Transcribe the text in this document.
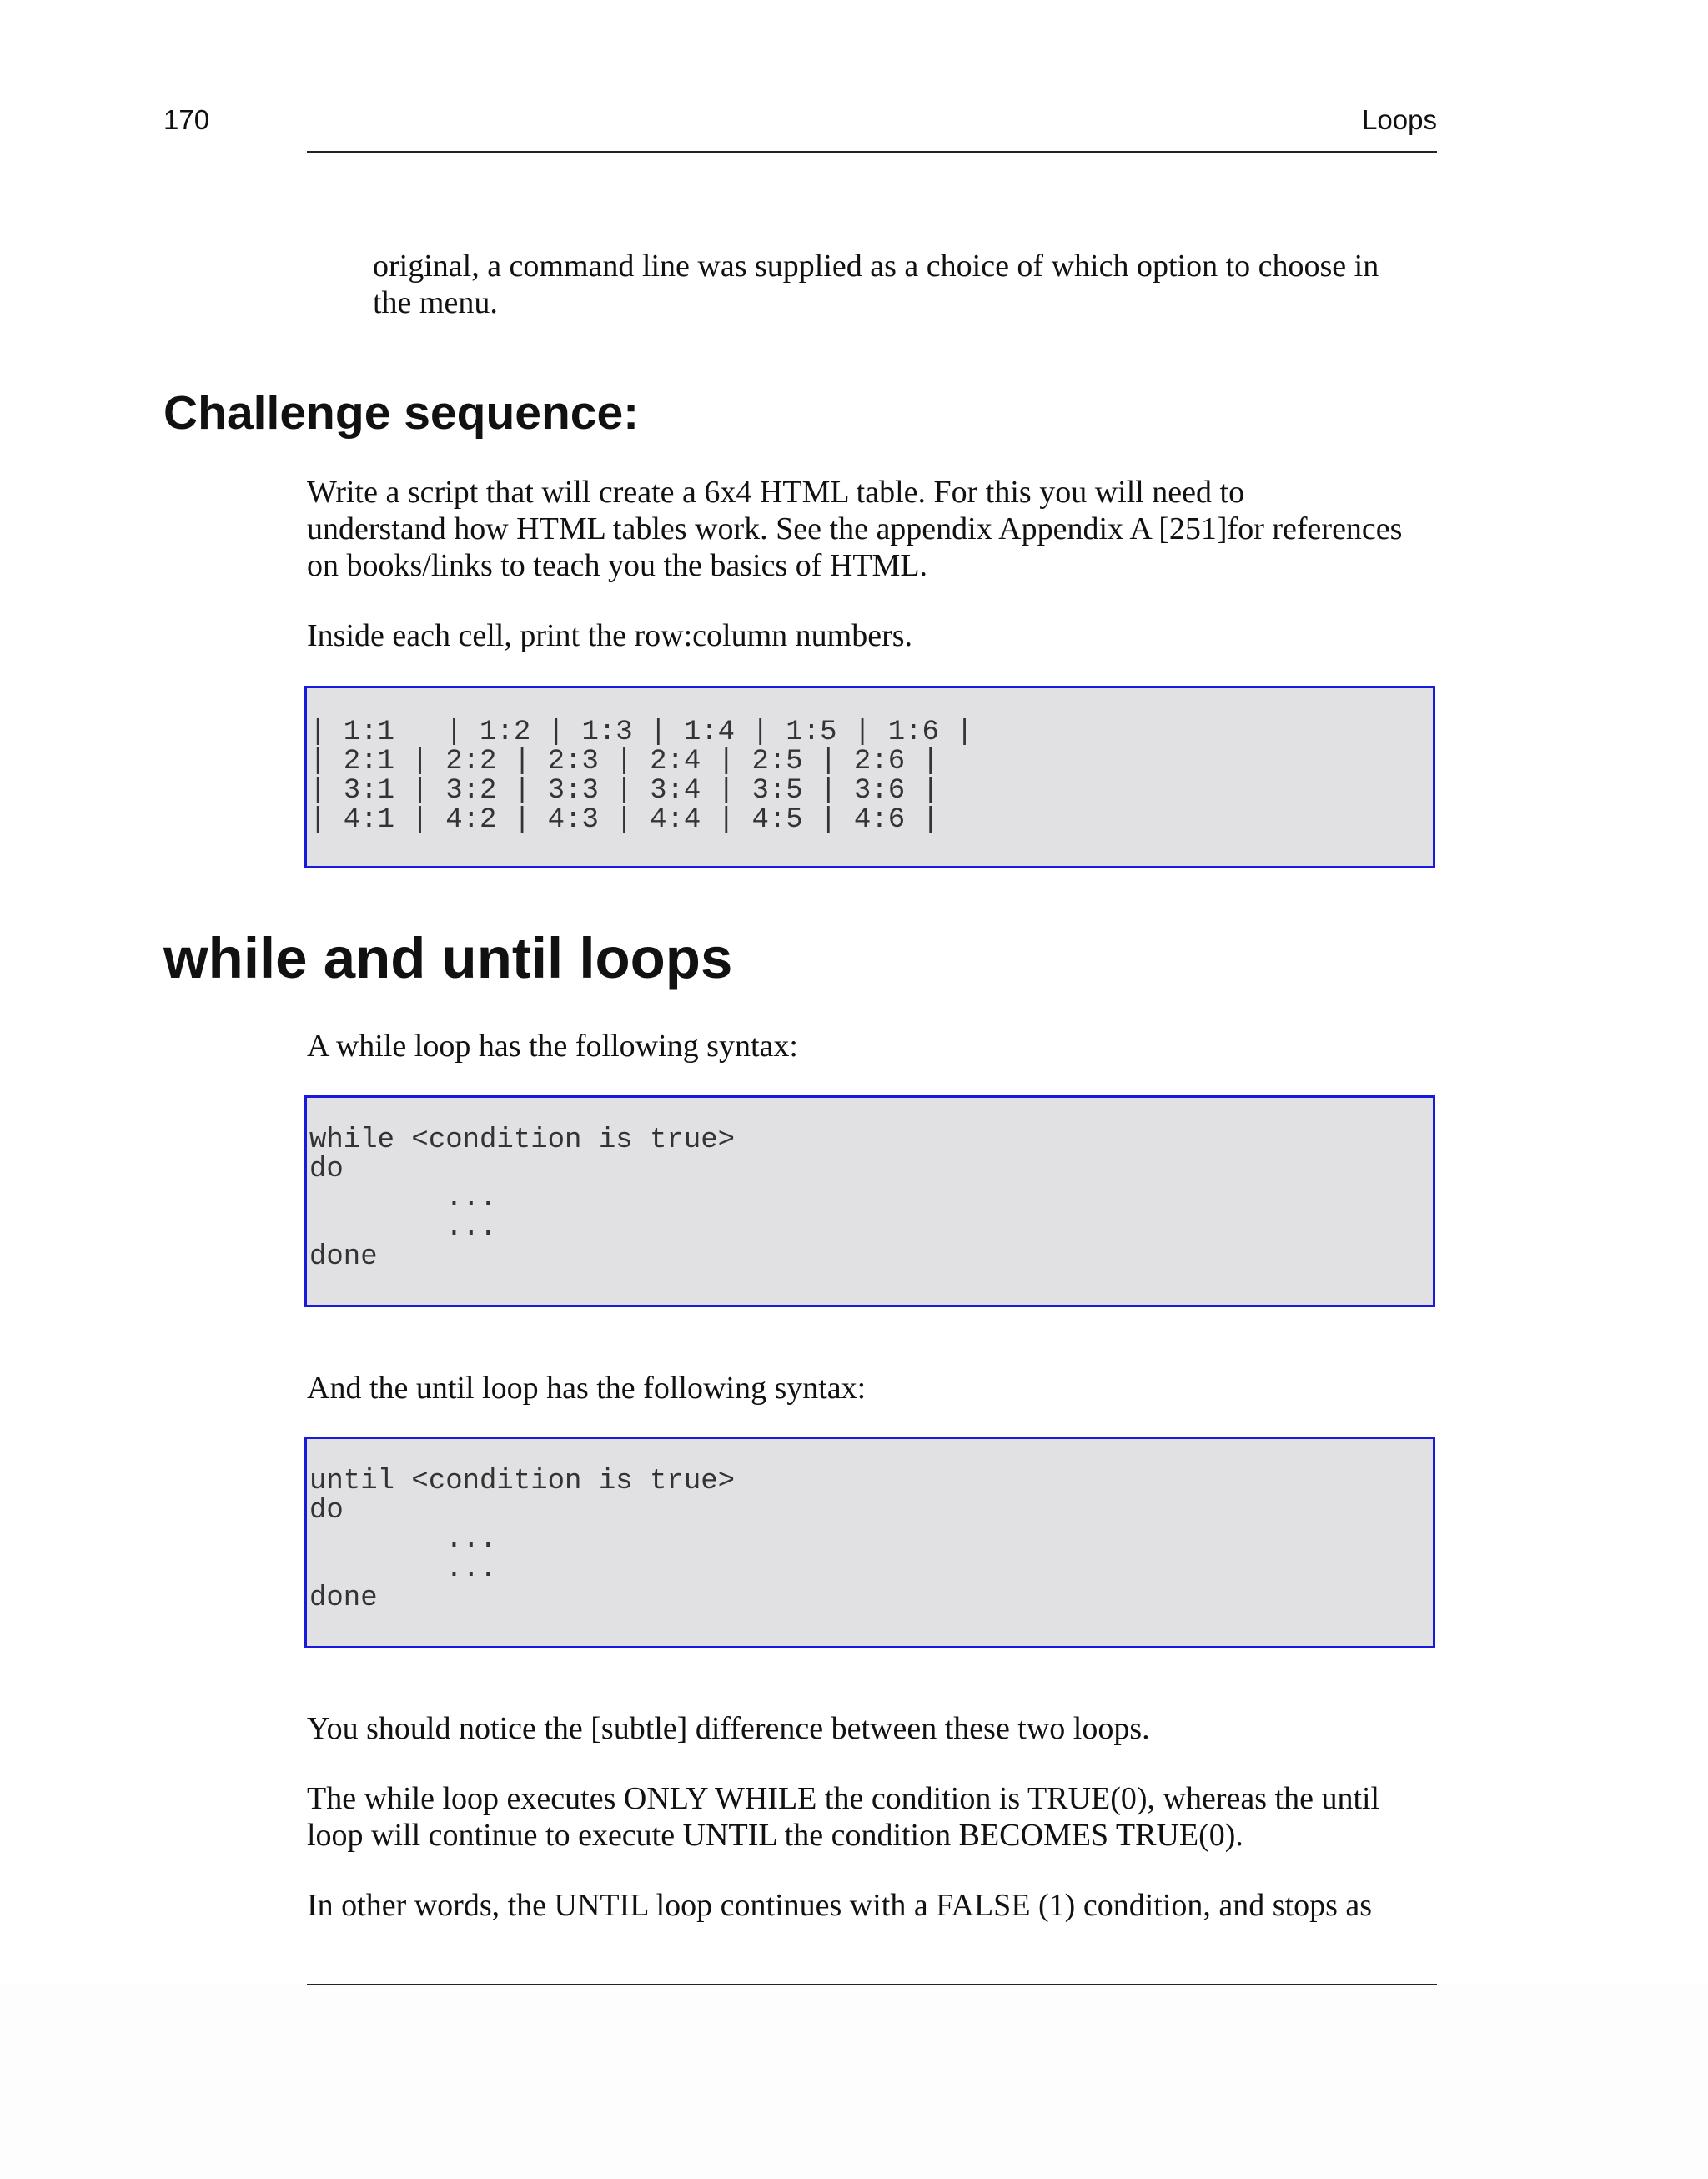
170	Loops

original, a command line was supplied as a choice of which option to choose in

the menu.

Challenge sequence:

Write a script that will create a 6x4 HTML table. For this you will need to

understand how HTML tables work. See the appendix Appendix A [251]for references

on books/links to teach you the basics of HTML.

Inside each cell, print the row:column numbers.

| 1:1   | 1:2 | 1:3 | 1:4 | 1:5 | 1:6 |
| 2:1 | 2:2 | 2:3 | 2:4 | 2:5 | 2:6 |
| 3:1 | 3:2 | 3:3 | 3:4 | 3:5 | 3:6 |
| 4:1 | 4:2 | 4:3 | 4:4 | 4:5 | 4:6 |
while and until loops

A while loop has the following syntax:

while <condition is true>
do
...
...
done

And the until loop has the following syntax:

until <condition is true>
do
...
...
done

You should notice the [subtle] difference between these two loops.

The while loop executes ONLY WHILE the condition is TRUE(0), whereas the until

loop will continue to execute UNTIL the condition BECOMES TRUE(0).

In other words, the UNTIL loop continues with a FALSE (1) condition, and stops as
